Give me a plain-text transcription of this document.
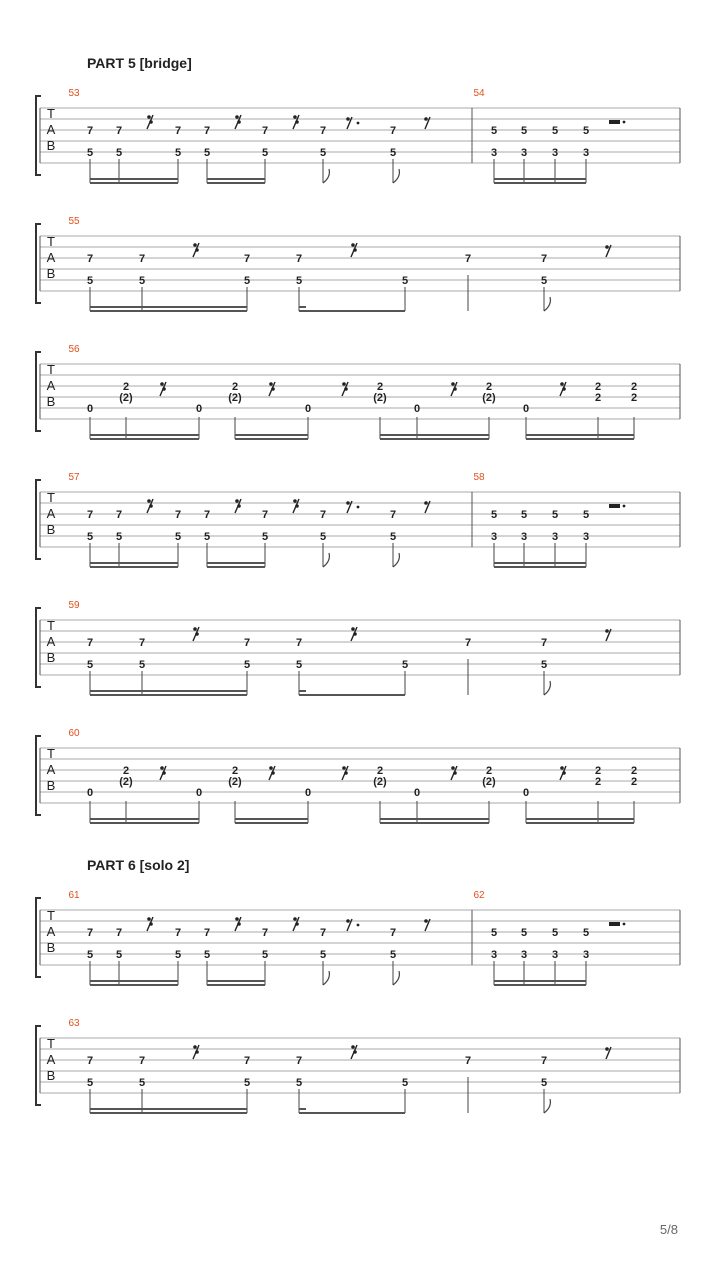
PART 5 [bridge]
PART 6 [solo 2]
T
A
B
53	54
7 7	7 7	7	7	7
5 5	5 5	5	5	5
5
3
5
3
5
3
5
3
T
A
B
55
7	7	7	7	7	7
5	5	5	5	5	5
T
A
B
56
0	0	0	0	0
2
(2)
2
(2)
2
(2)
2
(2)
2
2
2
2
T
A
B
57	58
7 7	7 7	7	7	7
5 5	5 5	5	5	5
5
3
5
3
5
3
5
3
T
A
B
59
7	7	7	7	7	7
5	5	5	5	5	5
T
A
B
60
0	0	0	0	0
2
(2)
2
(2)
2
(2)
2
(2)
2
2
2
2
T
A
B
61	62
7 7	7 7	7	7	7
5 5	5 5	5	5	5
5
3
5
3
5
3
5
3
T
A
B
63
7	7	7	7	7	7
5	5	5	5	5	5
5/8
